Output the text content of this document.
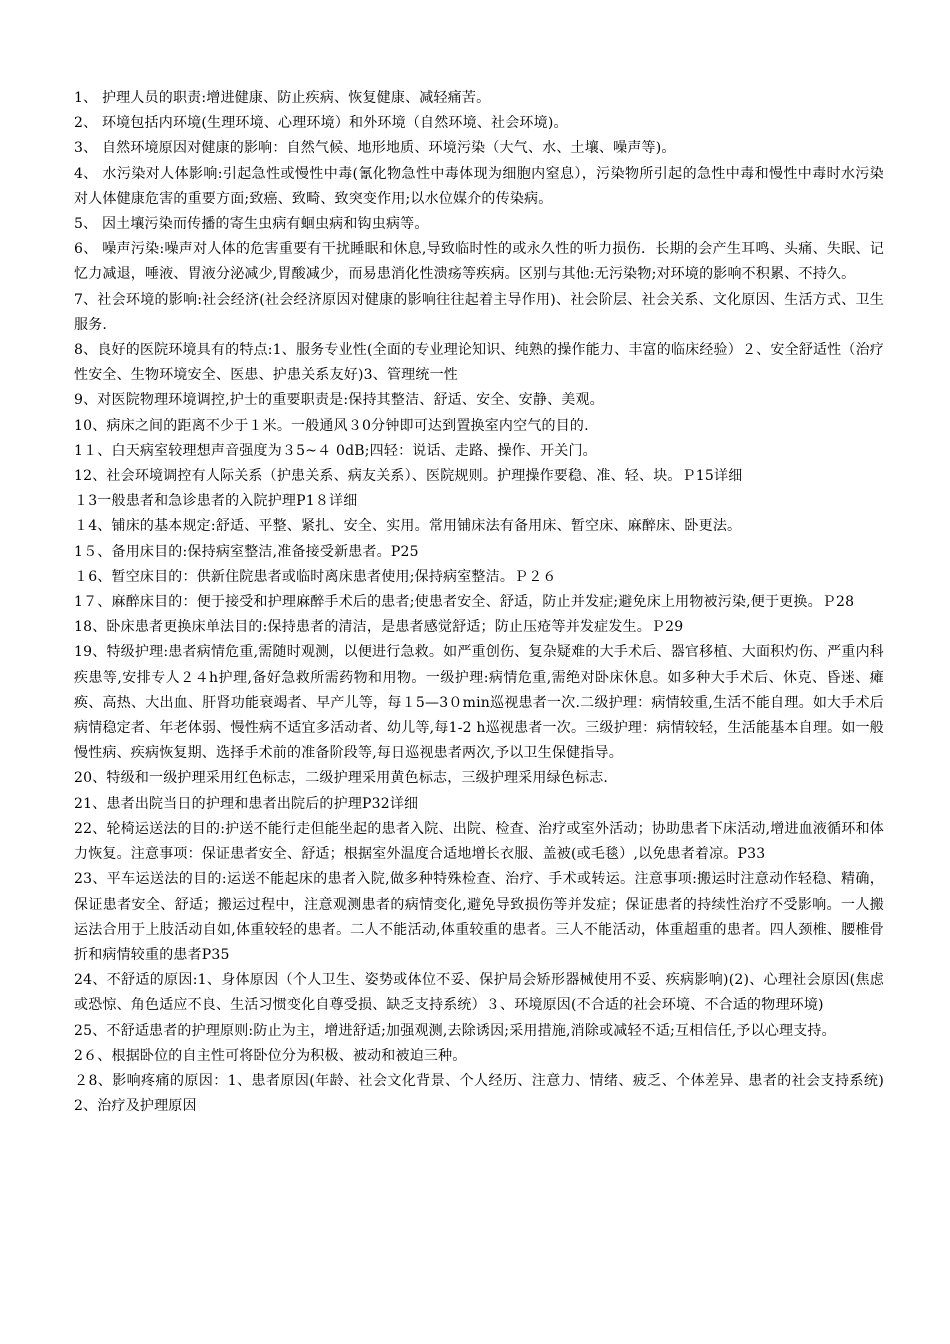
1、 护理人员的职责:增进健康、防止疾病、恢复健康、减轻痛苦。

2、 环境包括内环境(生理环境、心理环境）和外环境（自然环境、社会环境)。

3、 自然环境原因对健康的影响：自然气候、地形地质、环境污染（大气、水、土壤、噪声等)。

4、 水污染对人体影响:引起急性或慢性中毒(氰化物急性中毒体现为细胞内窒息），污染物所引起的急性中毒和慢性中毒时水污染对人体健康危害的重要方面;致癌、致畸、致突变作用;以水位媒介的传染病。

5、 因土壤污染而传播的寄生虫病有蛔虫病和钩虫病等。

6、 噪声污染:噪声对人体的危害重要有干扰睡眠和休息,导致临时性的或永久性的听力损伤．长期的会产生耳鸣、头痛、失眠、记忆力减退，唾液、胃液分泌减少,胃酸减少，而易患消化性溃疡等疾病。区别与其他:无污染物;对环境的影响不积累、不持久。

7、社会环境的影响:社会经济(社会经济原因对健康的影响往往起着主导作用)、社会阶层、社会关系、文化原因、生活方式、卫生服务.

8、良好的医院环境具有的特点:1、服务专业性(全面的专业理论知识、纯熟的操作能力、丰富的临床经验）２、安全舒适性（治疗性安全、生物环境安全、医患、护患关系友好)3、管理统一性

9、对医院物理环境调控,护士的重要职责是:保持其整洁、舒适、安全、安静、美观。

10、病床之间的距离不少于１米。一般通风３0分钟即可达到置换室内空气的目的.

1１、白天病室较理想声音强度为３5~４ 0dB;四轻：说话、走路、操作、开关门。

12、社会环境调控有人际关系（护患关系、病友关系）、医院规则。护理操作要稳、准、轻、块。Ｐ15详细

１3一般患者和急诊患者的入院护理P1８详细

１4、铺床的基本规定:舒适、平整、紧扎、安全、实用。常用铺床法有备用床、暂空床、麻醉床、卧更法。

1５、备用床目的:保持病室整洁,准备接受新患者。P25

１6、暂空床目的：供新住院患者或临时离床患者使用;保持病室整洁。Ｐ２６

1７、麻醉床目的：便于接受和护理麻醉手术后的患者;使患者安全、舒适，防止并发症;避免床上用物被污染,便于更换。Ｐ28

18、卧床患者更换床单法目的:保持患者的清洁，是患者感觉舒适；防止压疮等并发症发生。Ｐ29

19、特级护理:患者病情危重,需随时观测，以便进行急救。如严重创伤、复杂疑难的大手术后、器官移植、大面积灼伤、严重内科疾患等,安排专人２４h护理,备好急救所需药物和用物。一级护理:病情危重,需绝对卧床休息。如多种大手术后、休克、昏迷、瘫痪、高热、大出血、肝肾功能衰竭者、早产儿等，每１5—3０min巡视患者一次.二级护理：病情较重,生活不能自理。如大手术后病情稳定者、年老体弱、慢性病不适宜多活动者、幼儿等,每1-2 h巡视患者一次。三级护理：病情较轻，生活能基本自理。如一般慢性病、疾病恢复期、选择手术前的准备阶段等,每日巡视患者两次,予以卫生保健指导。

20、特级和一级护理采用红色标志，二级护理采用黄色标志，三级护理采用绿色标志.

21、患者出院当日的护理和患者出院后的护理P32详细

22、轮椅运送法的目的:护送不能行走但能坐起的患者入院、出院、检查、治疗或室外活动；协助患者下床活动,增进血液循环和体力恢复。注意事项：保证患者安全、舒适；根据室外温度合适地增长衣服、盖被(或毛毯）,以免患者着凉。P33

23、平车运送法的目的:运送不能起床的患者入院,做多种特殊检查、治疗、手术或转运。注意事项:搬运时注意动作轻稳、精确，保证患者安全、舒适；搬运过程中，注意观测患者的病情变化,避免导致损伤等并发症；保证患者的持续性治疗不受影响。一人搬运法合用于上肢活动自如,体重较轻的患者。二人不能活动,体重较重的患者。三人不能活动，体重超重的患者。四人颈椎、腰椎骨折和病情较重的患者P35

24、不舒适的原因:1、身体原因（个人卫生、姿势或体位不妥、保护局会矫形器械使用不妥、疾病影响)(2)、心理社会原因(焦虑或恐惊、角色适应不良、生活习惯变化自尊受损、缺乏支持系统）３、环境原因(不合适的社会环境、不合适的物理环境)

25、不舒适患者的护理原则:防止为主，增进舒适;加强观测,去除诱因;采用措施,消除或减轻不适;互相信任,予以心理支持。

2６、根据卧位的自主性可将卧位分为积极、被动和被迫三种。

２8、影响疼痛的原因：1、患者原因(年龄、社会文化背景、个人经历、注意力、情绪、疲乏、个体差异、患者的社会支持系统)2、治疗及护理原因
